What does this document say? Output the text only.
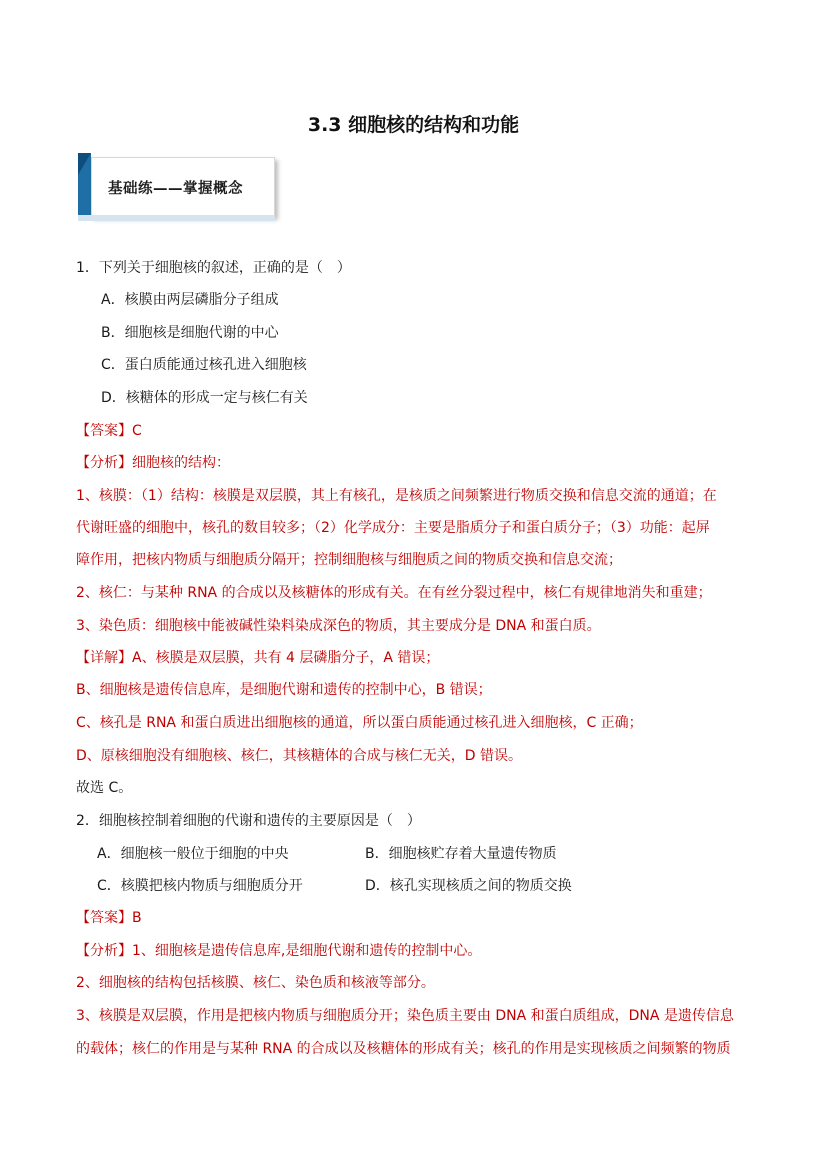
3.3 细胞核的结构和功能
基础练——掌握概念
1．下列关于细胞核的叙述，正确的是（　）
A．核膜由两层磷脂分子组成
B．细胞核是细胞代谢的中心
C．蛋白质能通过核孔进入细胞核
D．核糖体的形成一定与核仁有关
【答案】C
【分析】细胞核的结构：
1、核膜：（1）结构：核膜是双层膜，其上有核孔，是核质之间频繁进行物质交换和信息交流的通道；在
代谢旺盛的细胞中，核孔的数目较多；（2）化学成分：主要是脂质分子和蛋白质分子；（3）功能：起屏
障作用，把核内物质与细胞质分隔开；控制细胞核与细胞质之间的物质交换和信息交流；
2、核仁：与某种 RNA 的合成以及核糖体的形成有关。在有丝分裂过程中，核仁有规律地消失和重建；
3、染色质：细胞核中能被碱性染料染成深色的物质，其主要成分是 DNA 和蛋白质。
【详解】A、核膜是双层膜，共有 4 层磷脂分子，A 错误；
B、细胞核是遗传信息库，是细胞代谢和遗传的控制中心，B 错误；
C、核孔是 RNA 和蛋白质进出细胞核的通道，所以蛋白质能通过核孔进入细胞核，C 正确；
D、原核细胞没有细胞核、核仁，其核糖体的合成与核仁无关，D 错误。
故选 C。
2．细胞核控制着细胞的代谢和遗传的主要原因是（　）
A．细胞核一般位于细胞的中央	B．细胞核贮存着大量遗传物质
C．核膜把核内物质与细胞质分开	D．核孔实现核质之间的物质交换
【答案】B
【分析】1、细胞核是遗传信息库,是细胞代谢和遗传的控制中心。
2、细胞核的结构包括核膜、核仁、染色质和核液等部分。
3、核膜是双层膜，作用是把核内物质与细胞质分开；染色质主要由 DNA 和蛋白质组成，DNA 是遗传信息
的载体；核仁的作用是与某种 RNA 的合成以及核糖体的形成有关；核孔的作用是实现核质之间频繁的物质
